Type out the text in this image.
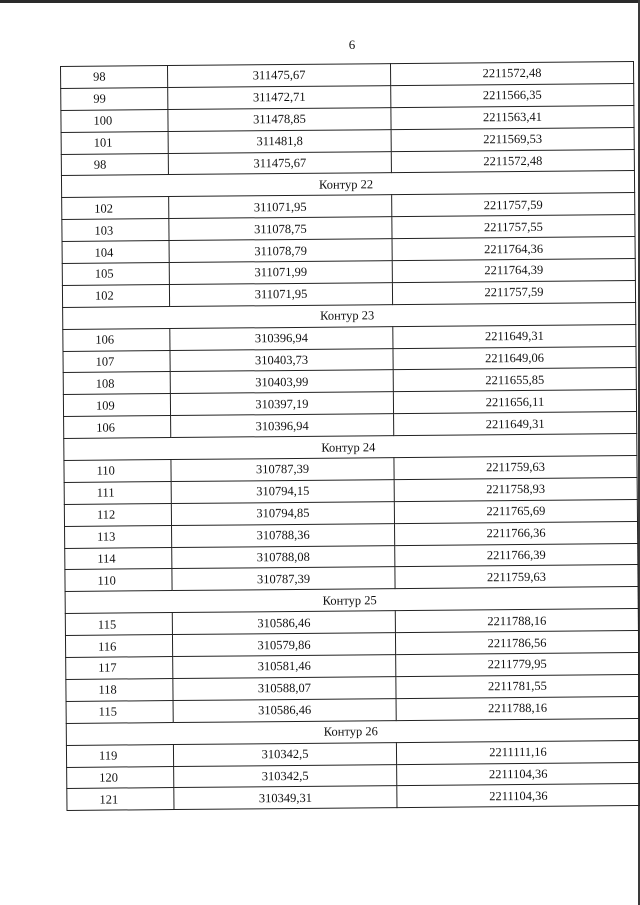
6
98	311475,67	2211572,48
99	311472,71	2211566,35
100	311478,85	2211563,41
101	311481,8	2211569,53
98	311475,67	2211572,48
Контур 22		
102	311071,95	2211757,59
103	311078,75	2211757,55
104	311078,79	2211764,36
105	311071,99	2211764,39
102	311071,95	2211757,59
Контур 23		
106	310396,94	2211649,31
107	310403,73	2211649,06
108	310403,99	2211655,85
109	310397,19	2211656,11
106	310396,94	2211649,31
Контур 24		
110	310787,39	2211759,63
111	310794,15	2211758,93
112	310794,85	2211765,69
113	310788,36	2211766,36
114	310788,08	2211766,39
110	310787,39	2211759,63
Контур 25		
115	310586,46	2211788,16
116	310579,86	2211786,56
117	310581,46	2211779,95
118	310588,07	2211781,55
115	310586,46	2211788,16
Контур 26		
119	310342,5	2211111,16
120	310342,5	2211104,36
121	310349,31	2211104,36
